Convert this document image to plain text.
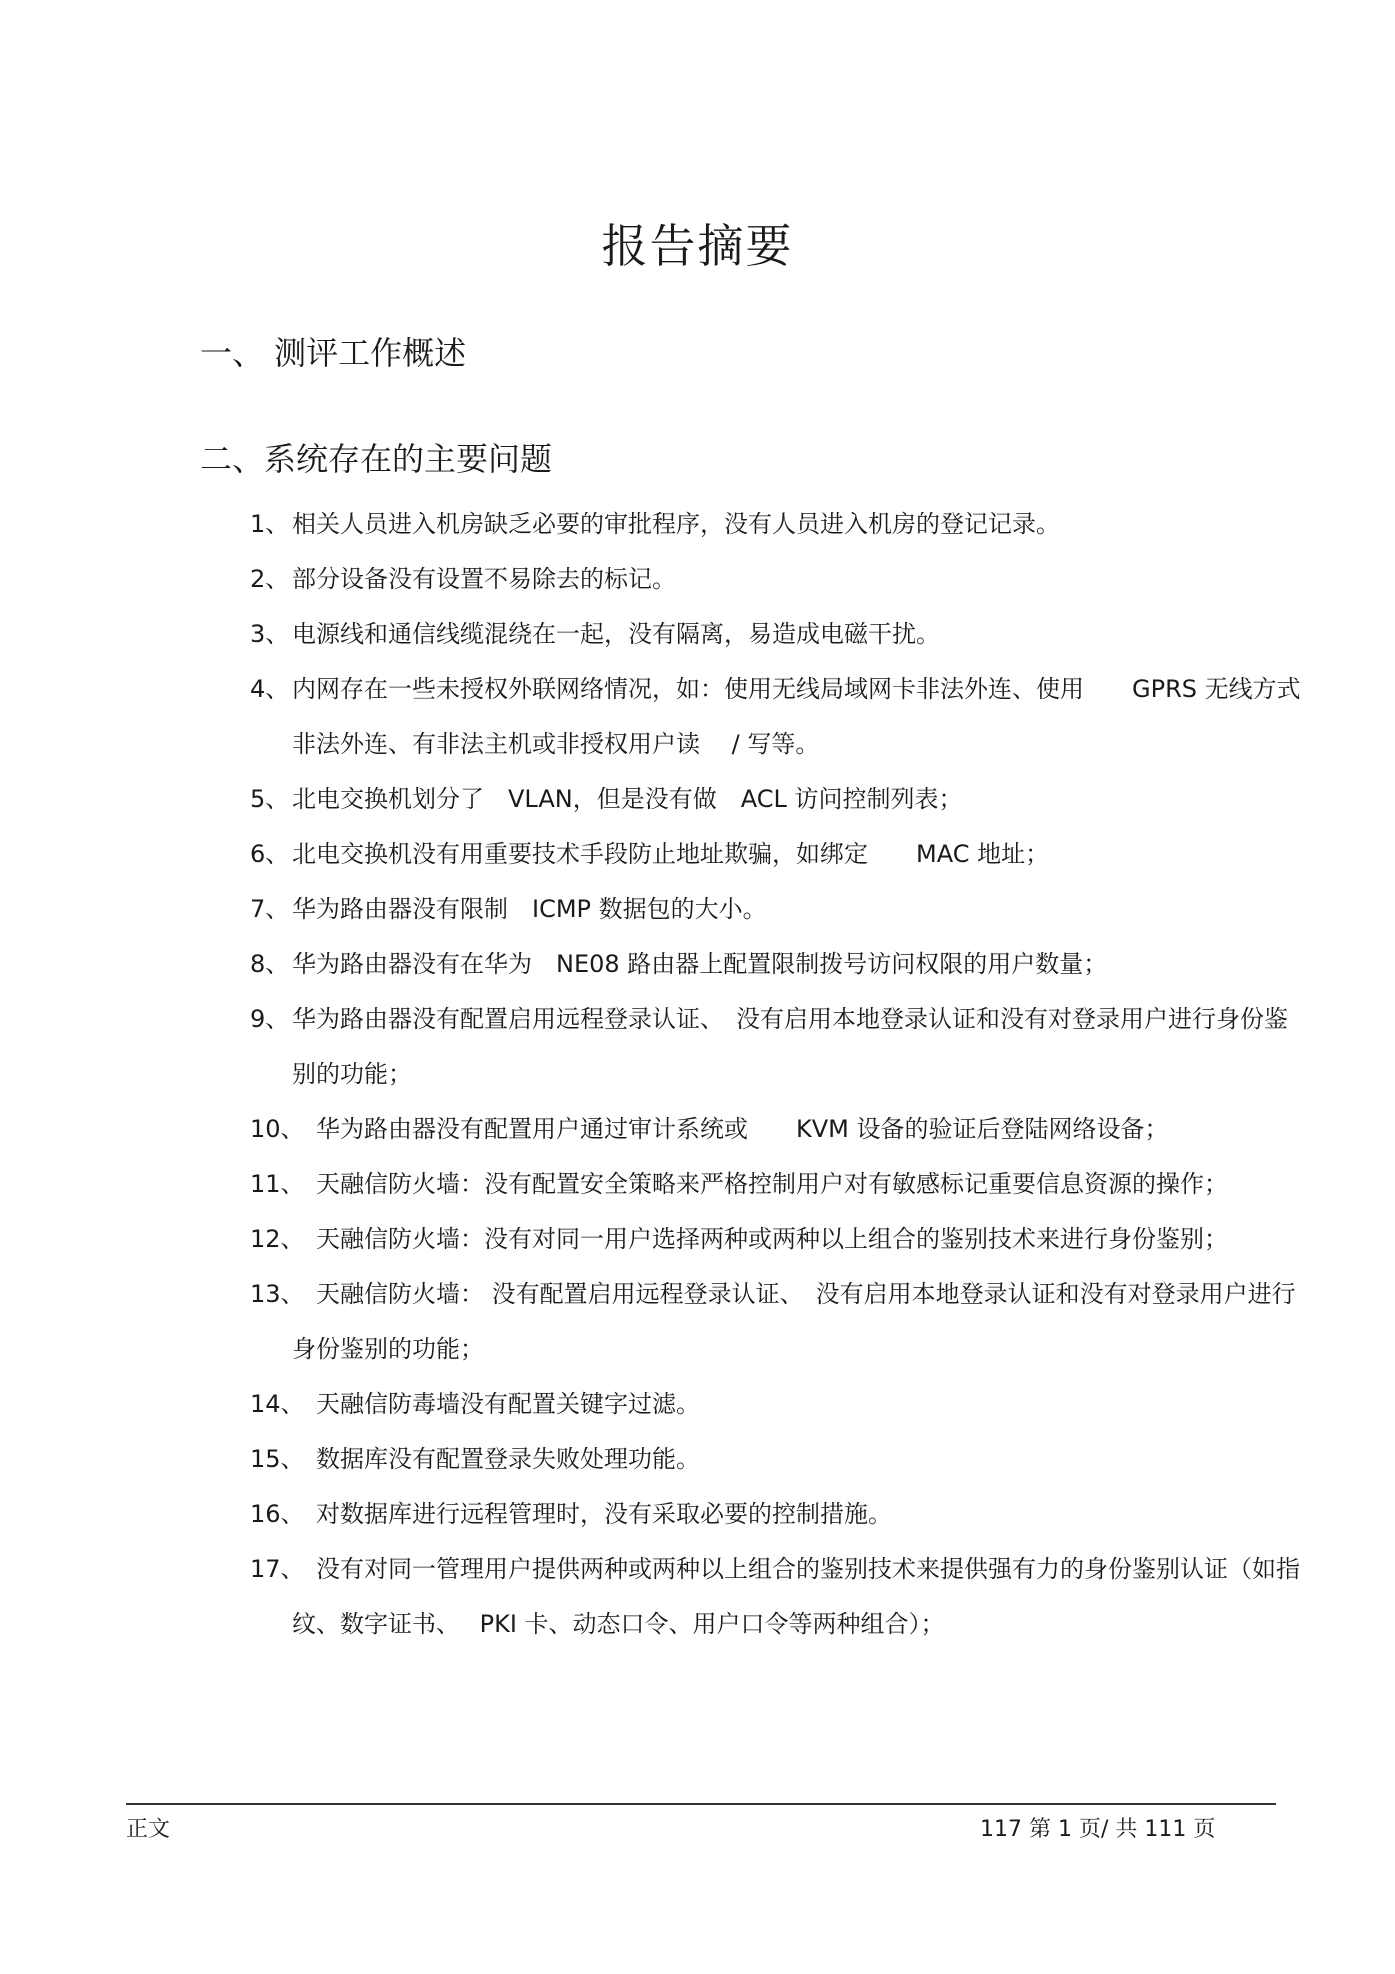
报告摘要
一、 测评工作概述
二、系统存在的主要问题
1、 相关人员进入机房缺乏必要的审批程序，没有人员进入机房的登记记录。
2、 部分设备没有设置不易除去的标记。
3、 电源线和通信线缆混绕在一起，没有隔离，易造成电磁干扰。
4、 内网存在一些未授权外联网络情况，如：使用无线局域网卡非法外连、使用　　GPRS 无线方式非法外连、有非法主机或非授权用户读　 / 写等。
5、 北电交换机划分了　VLAN，但是没有做　ACL 访问控制列表；
6、 北电交换机没有用重要技术手段防止地址欺骗，如绑定　　MAC 地址；
7、 华为路由器没有限制　ICMP 数据包的大小。
8、 华为路由器没有在华为　NE08 路由器上配置限制拨号访问权限的用户数量；
9、 华为路由器没有配置启用远程登录认证、　没有启用本地登录认证和没有对登录用户进行身份鉴别的功能；
10、
　华为路由器没有配置用户通过审计系统或　　KVM 设备的验证后登陆网络设备；
11、
　天融信防火墙：没有配置安全策略来严格控制用户对有敏感标记重要信息资源的操作；
12、
　天融信防火墙：没有对同一用户选择两种或两种以上组合的鉴别技术来进行身份鉴别；
13、
　天融信防火墙： 没有配置启用远程登录认证、　没有启用本地登录认证和没有对登录用户进行身份鉴别的功能；
14、
　天融信防毒墙没有配置关键字过滤。
15、
　数据库没有配置登录失败处理功能。
16、
　对数据库进行远程管理时，没有采取必要的控制措施。
17、
　没有对同一管理用户提供两种或两种以上组合的鉴别技术来提供强有力的身份鉴别认证（如指纹、数字证书、　 PKI 卡、动态口令、用户口令等两种组合）；
正文	117 第 1 页/ 共 111 页
